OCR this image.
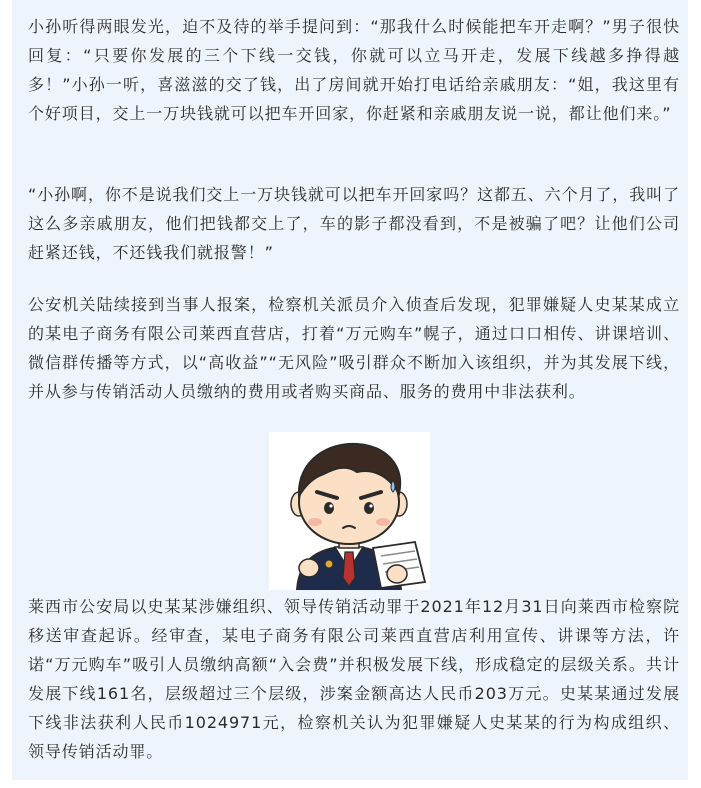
小孙听得两眼发光，迫不及待的举手提问到：“那我什么时候能把车开走啊？”男子很快回复：“只要你发展的三个下线一交钱，你就可以立马开走，发展下线越多挣得越多！”小孙一听，喜滋滋的交了钱，出了房间就开始打电话给亲戚朋友：“姐，我这里有个好项目，交上一万块钱就可以把车开回家，你赶紧和亲戚朋友说一说，都让他们来。”

“小孙啊，你不是说我们交上一万块钱就可以把车开回家吗？这都五、六个月了，我叫了这么多亲戚朋友，他们把钱都交上了，车的影子都没看到，不是被骗了吧？让他们公司赶紧还钱，不还钱我们就报警！”

公安机关陆续接到当事人报案，检察机关派员介入侦查后发现，犯罪嫌疑人史某某成立的某电子商务有限公司莱西直营店，打着“万元购车”幌子，通过口口相传、讲课培训、微信群传播等方式，以“高收益”“无风险”吸引群众不断加入该组织，并为其发展下线，并从参与传销活动人员缴纳的费用或者购买商品、服务的费用中非法获利。

莱西市公安局以史某某涉嫌组织、领导传销活动罪于2021年12月31日向莱西市检察院移送审查起诉。经审查，某电子商务有限公司莱西直营店利用宣传、讲课等方法，许诺“万元购车”吸引人员缴纳高额“入会费”并积极发展下线，形成稳定的层级关系。共计发展下线161名，层级超过三个层级，涉案金额高达人民币203万元。史某某通过发展下线非法获利人民币1024971元，检察机关认为犯罪嫌疑人史某某的行为构成组织、领导传销活动罪。
